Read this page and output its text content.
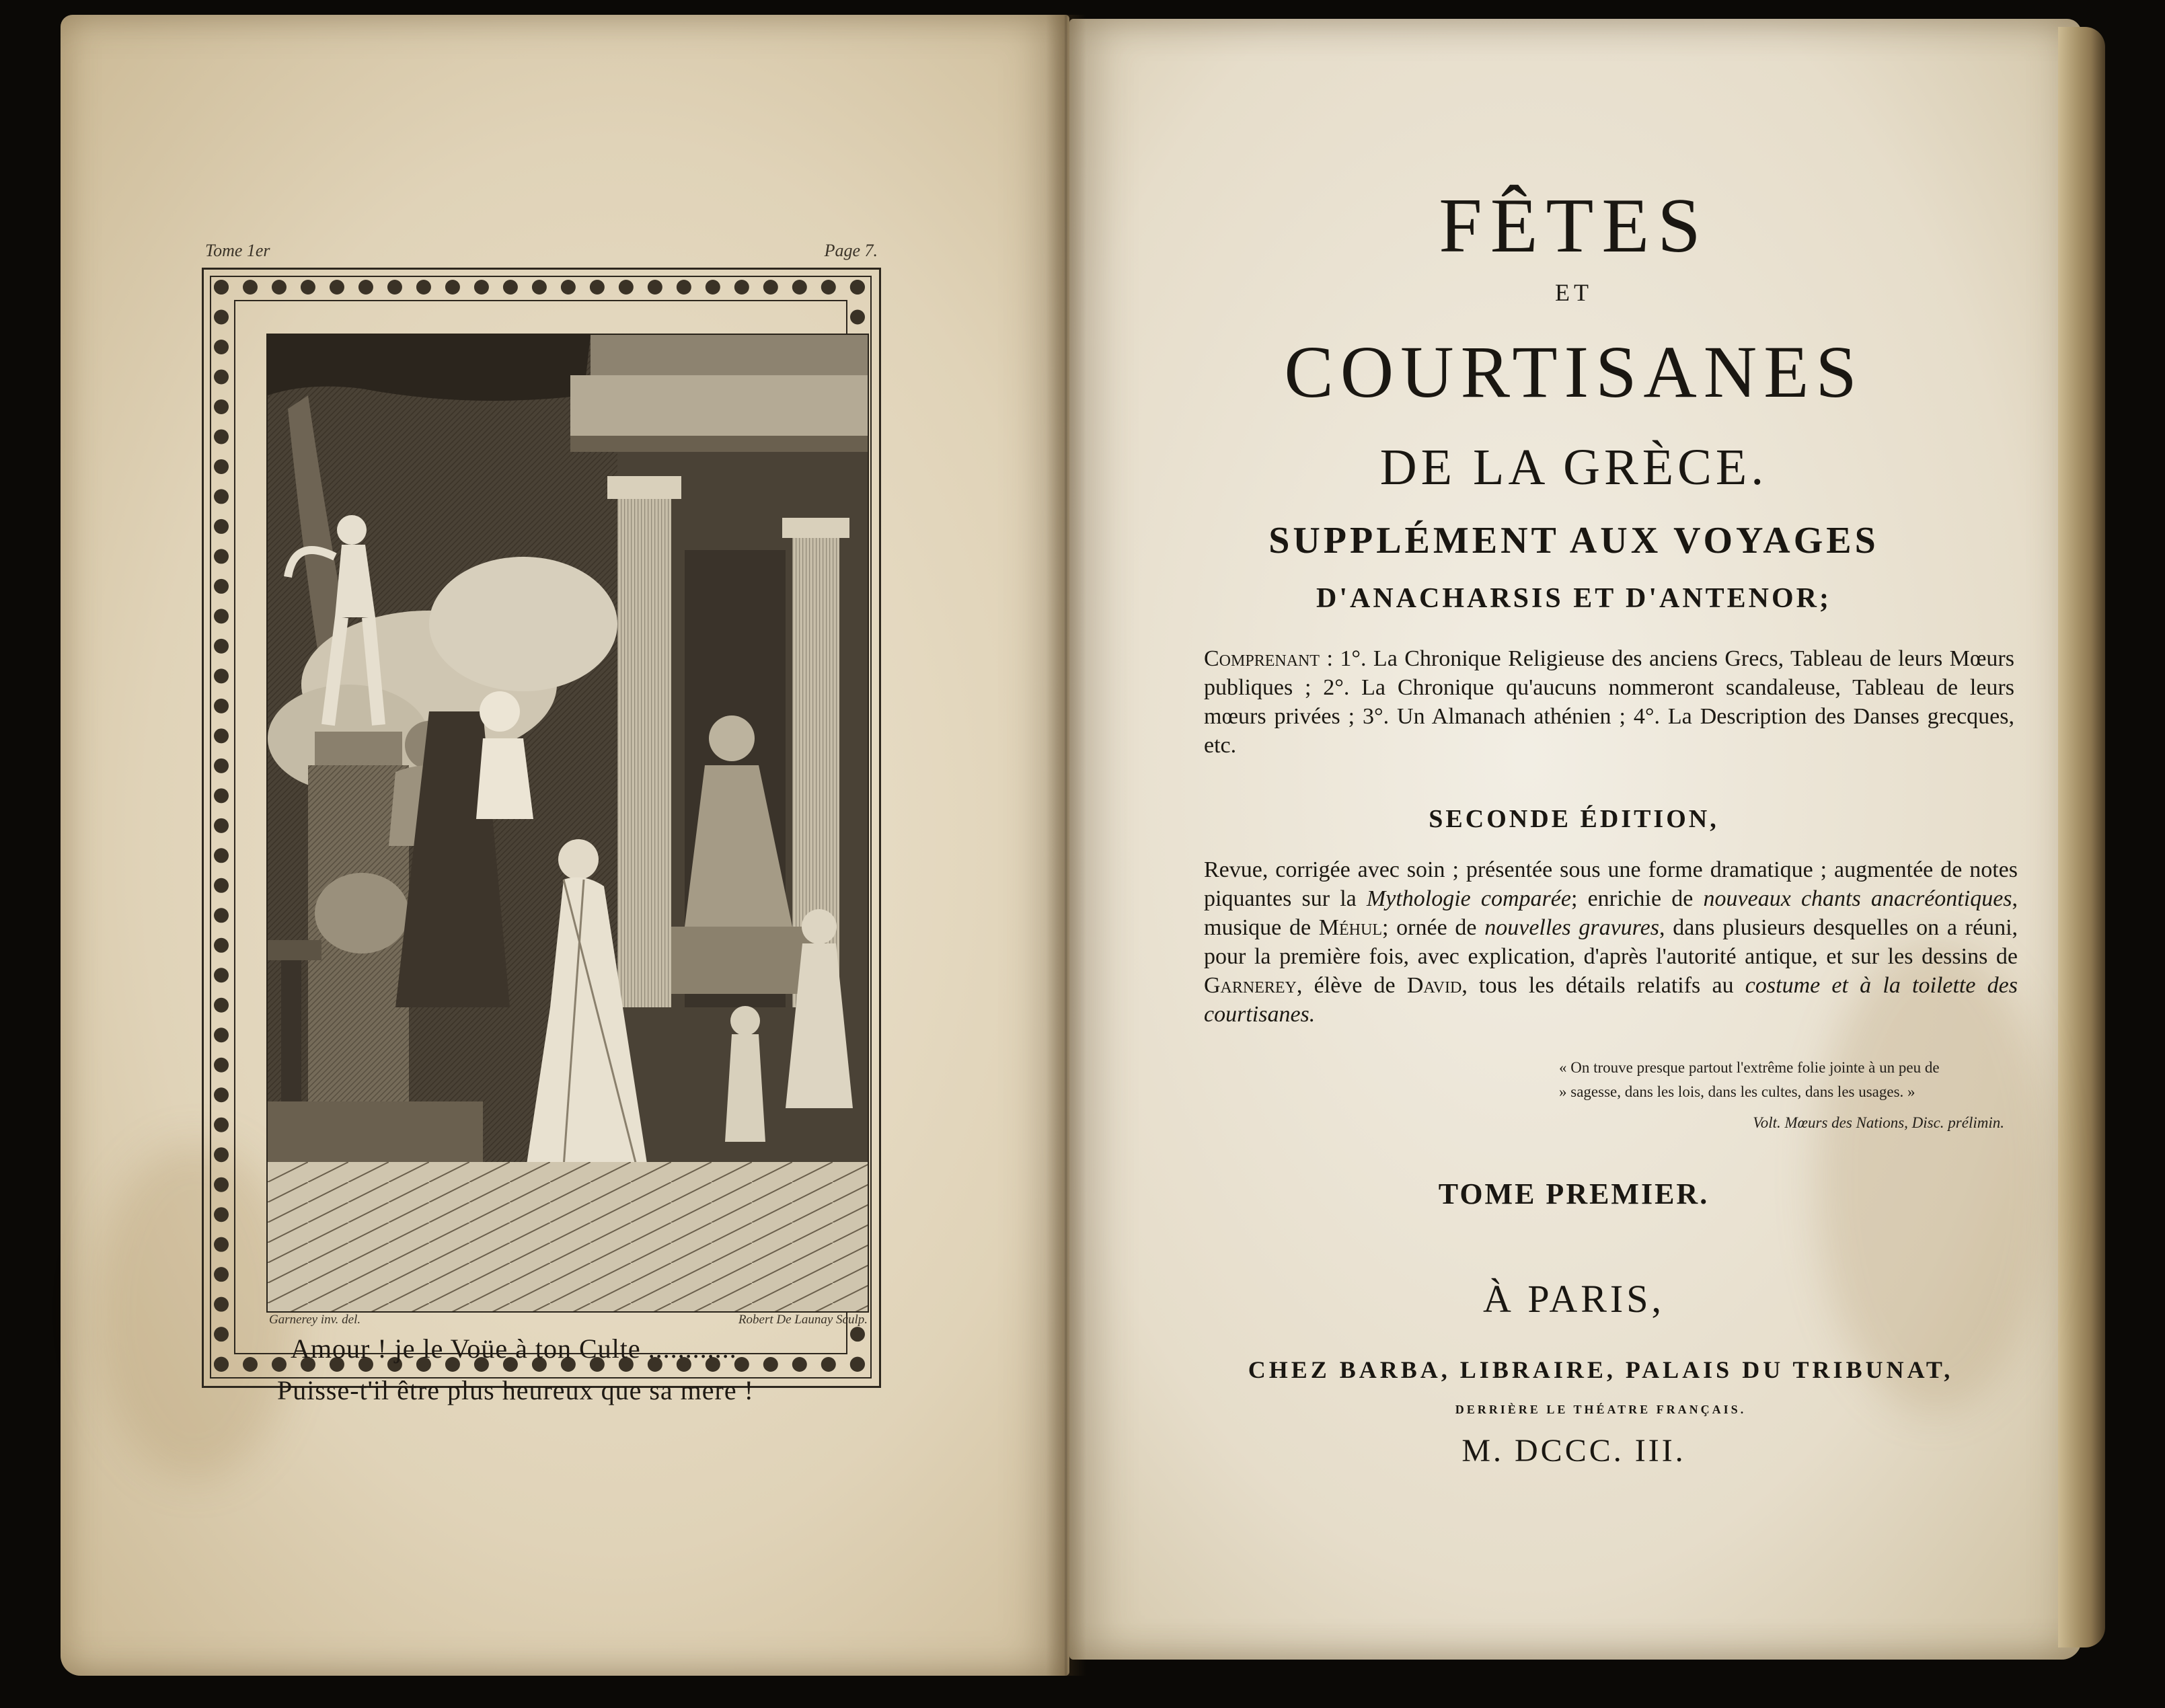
Tome 1er	Page 7.
Garnerey inv. del.	Robert De Launay Sculp.
Amour ! je le Voüe à ton Culte ............
Puisse-t'il être plus heureux que sa mere !
FÊTES
ET
COURTISANES
DE LA GRÈCE.
SUPPLÉMENT AUX VOYAGES
D'ANACHARSIS ET D'ANTENOR;

Comprenant : 1°. La Chronique Religieuse des anciens Grecs, Tableau de leurs Mœurs publiques ; 2°. La Chronique qu'aucuns nommeront scandaleuse, Tableau de leurs mœurs privées ; 3°. Un Almanach athénien ; 4°. La Description des Danses grecques, etc.

SECONDE ÉDITION,

Revue, corrigée avec soin ; présentée sous une forme dramatique ; augmentée de notes piquantes sur la Mythologie comparée; enrichie de nouveaux chants anacréontiques, musique de Méhul; ornée de nouvelles gravures, dans plusieurs desquelles on a réuni, pour la première fois, avec explication, d'après l'autorité antique, et sur les dessins de Garnerey, élève de David, tous les détails relatifs au costume et à la toilette des courtisanes.

« On trouve presque partout l'extrême folie jointe à un peu de
» sagesse, dans les lois, dans les cultes, dans les usages. »
Volt. Mœurs des Nations, Disc. prélimin.
TOME PREMIER.
À PARIS,
CHEZ BARBA, LIBRAIRE, PALAIS DU TRIBUNAT,
DERRIÈRE LE THÉATRE FRANÇAIS.
M. DCCC. III.
